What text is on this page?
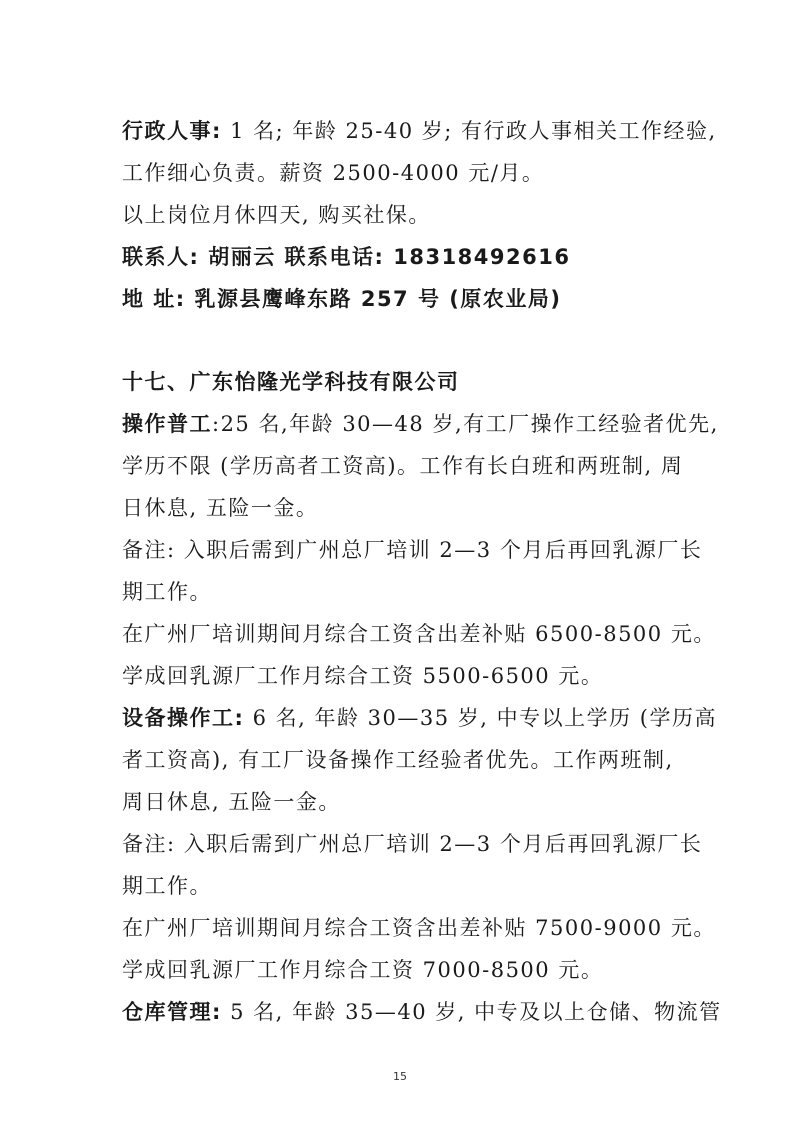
行政人事: 1 名; 年龄 25-40 岁; 有行政人事相关工作经验,
工作细心负责。薪资 2500-4000 元/月。
以上岗位月休四天, 购买社保。
联系人: 胡丽云 联系电话: 18318492616
地 址: 乳源县鹰峰东路 257 号 (原农业局)
十七、广东怡隆光学科技有限公司
操作普工:25 名,年龄 30—48 岁,有工厂操作工经验者优先,
学历不限 (学历高者工资高)。工作有长白班和两班制, 周
日休息, 五险一金。
备注: 入职后需到广州总厂培训 2—3 个月后再回乳源厂长
期工作。
在广州厂培训期间月综合工资含出差补贴 6500-8500 元。
学成回乳源厂工作月综合工资 5500-6500 元。
设备操作工: 6 名, 年龄 30—35 岁, 中专以上学历 (学历高
者工资高), 有工厂设备操作工经验者优先。工作两班制,
周日休息, 五险一金。
备注: 入职后需到广州总厂培训 2—3 个月后再回乳源厂长
期工作。
在广州厂培训期间月综合工资含出差补贴 7500-9000 元。
学成回乳源厂工作月综合工资 7000-8500 元。
仓库管理: 5 名, 年龄 35—40 岁, 中专及以上仓储、物流管
15
